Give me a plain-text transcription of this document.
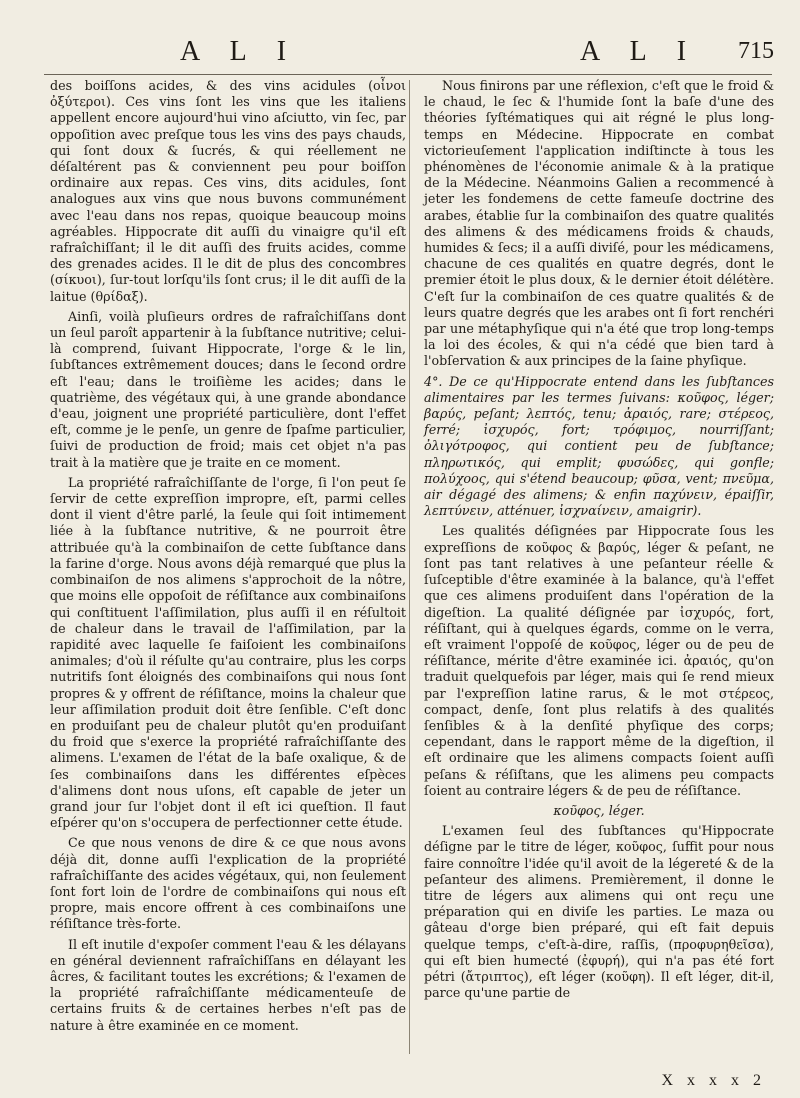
A L I	A L I 715

des boiſſons acides, & des vins acidules (οἶνοι ὀξύτεροι). Ces vins ſont les vins que les italiens appellent encore aujourd'hui vino aſciutto, vin ſec, par oppoſition avec preſque tous les vins des pays chauds, qui ſont doux & ſucrés, & qui réellement ne déſaltérent pas & conviennent peu pour boiſſon ordinaire aux repas. Ces vins, dits acidules, ſont analogues aux vins que nous buvons communément avec l'eau dans nos repas, quoique beaucoup moins agréables. Hippocrate dit auſſi du vinaigre qu'il eſt rafraîchiſſant; il le dit auſſi des fruits acides, comme des grenades acides. Il le dit de plus des concombres (σίκυοι), ſur-tout lorſqu'ils ſont crus; il le dit auſſi de la laitue (θρίδαξ).

Ainſi, voilà pluſieurs ordres de rafraîchiſſans dont un ſeul paroît appartenir à la ſubſtance nutritive; celui-là comprend, ſuivant Hippocrate, l'orge & le lin, ſubſtances extrêmement douces; dans le ſecond ordre eſt l'eau; dans le troiſième les acides; dans le quatrième, des végétaux qui, à une grande abondance d'eau, joignent une propriété particulière, dont l'effet eſt, comme je le penſe, un genre de ſpaſme particulier, ſuivi de production de froid; mais cet objet n'a pas trait à la matière que je traite en ce moment.

La propriété rafraîchiſſante de l'orge, ſi l'on peut ſe ſervir de cette expreſſion impropre, eſt, parmi celles dont il vient d'être parlé, la ſeule qui ſoit intimement liée à la ſubſtance nutritive, & ne pourroit être attribuée qu'à la combinaiſon de cette ſubſtance dans la farine d'orge. Nous avons déjà remarqué que plus la combinaiſon de nos alimens s'approchoit de la nôtre, que moins elle oppoſoit de réſiſtance aux combinaiſons qui conſtituent l'aſſimilation, plus auſſi il en réſultoit de chaleur dans le travail de l'aſſimilation, par la rapidité avec laquelle ſe faiſoient les combinaiſons animales; d'où il réſulte qu'au contraire, plus les corps nutritifs ſont éloignés des combinaiſons qui nous ſont propres & y offrent de réſiſtance, moins la chaleur que leur aſſimilation produit doit être ſenſible. C'eſt donc en produiſant peu de chaleur plutôt qu'en produiſant du froid que s'exerce la propriété rafraîchiſſante des alimens. L'examen de l'état de la baſe oxalique, & de ſes combinaiſons dans les différentes eſpèces d'alimens dont nous uſons, eſt capable de jeter un grand jour ſur l'objet dont il eſt ici queſtion. Il faut eſpérer qu'on s'occupera de perfectionner cette étude.

Ce que nous venons de dire & ce que nous avons déjà dit, donne auſſi l'explication de la propriété rafraîchiſſante des acides végétaux, qui, non ſeulement ſont fort loin de l'ordre de combinaiſons qui nous eſt propre, mais encore offrent à ces combinaiſons une réſiſtance très-forte.

Il eſt inutile d'expoſer comment l'eau & les délayans en général deviennent rafraîchiſſans en délayant les âcres, & facilitant toutes les excrétions; & l'examen de la propriété rafraîchiſſante médicamenteuſe de certains fruits & de certaines herbes n'eſt pas de nature à être examinée en ce moment.

Nous finirons par une réflexion, c'eſt que le froid & le chaud, le ſec & l'humide ſont la baſe d'une des théories ſyſtématiques qui ait régné le plus long-temps en Médecine. Hippocrate en combat victorieuſement l'application indiſtincte à tous les phénomènes de l'économie animale & à la pratique de la Médecine. Néanmoins Galien a recommencé à jeter les fondemens de cette fameuſe doctrine des arabes, établie ſur la combinaiſon des quatre qualités des alimens & des médicamens froids & chauds, humides & ſecs; il a auſſi diviſé, pour les médicamens, chacune de ces qualités en quatre degrés, dont le premier étoit le plus doux, & le dernier étoit délétère. C'eſt ſur la combinaiſon de ces quatre qualités & de leurs quatre degrés que les arabes ont ſi fort renchéri par une métaphyſique qui n'a été que trop long-temps la loi des écoles, & qui n'a cédé que bien tard à l'obſervation & aux principes de la ſaine phyſique.

4°. De ce qu'Hippocrate entend dans les ſubſtances alimentaires par les termes ſuivans: κοῦφος, léger; βαρύς, peſant; λεπτός, tenu; ἀραιός, rare; στέρεος, ferré; ἰσχυρός, fort; τρόφιμος, nourriſſant; ὀλιγότροφος, qui contient peu de ſubſtance; πληρωτικός, qui emplit; φυσώδες, qui gonfle; πολύχοος, qui s'étend beaucoup; φῦσα, vent; πνεῦμα, air dégagé des alimens; & enfin παχύνειν, épaiſſir, λεπτύνειν, atténuer, ἰσχναίνειν, amaigrir).

Les qualités déſignées par Hippocrate ſous les expreſſions de κοῦφος & βαρύς, léger & peſant, ne ſont pas tant relatives à une peſanteur réelle & ſuſceptible d'être examinée à la balance, qu'à l'effet que ces alimens produiſent dans l'opération de la digeſtion. La qualité déſignée par ἰσχυρός, fort, réſiſtant, qui à quelques égards, comme on le verra, eſt vraiment l'oppoſé de κοῦφος, léger ou de peu de réſiſtance, mérite d'être examinée ici. ἀραιός, qu'on traduit quelquefois par léger, mais qui ſe rend mieux par l'expreſſion latine rarus, & le mot στέρεος, compact, denſe, ſont plus relatifs à des qualités ſenſibles & à la denſité phyſique des corps; cependant, dans le rapport même de la digeſtion, il eſt ordinaire que les alimens compacts ſoient auſſi peſans & réſiſtans, que les alimens peu compacts ſoient au contraire légers & de peu de réſiſtance.

κοῦφος, léger.

L'examen ſeul des ſubſtances qu'Hippocrate déſigne par le titre de léger, κοῦφος, ſuffit pour nous faire connoître l'idée qu'il avoit de la légereté & de la peſanteur des alimens. Premièrement, il donne le titre de légers aux alimens qui ont reçu une préparation qui en diviſe les parties. Le maza ou gâteau d'orge bien préparé, qui eſt fait depuis quelque temps, c'eſt-à-dire, raſſis, (προφυρηθεῖσα), qui eſt bien humecté (ἐφυρή), qui n'a pas été fort pétri (ἄτριπτος), eſt léger (κοῦφη). Il eſt léger, dit-il, parce qu'une partie de

X x x x 2
